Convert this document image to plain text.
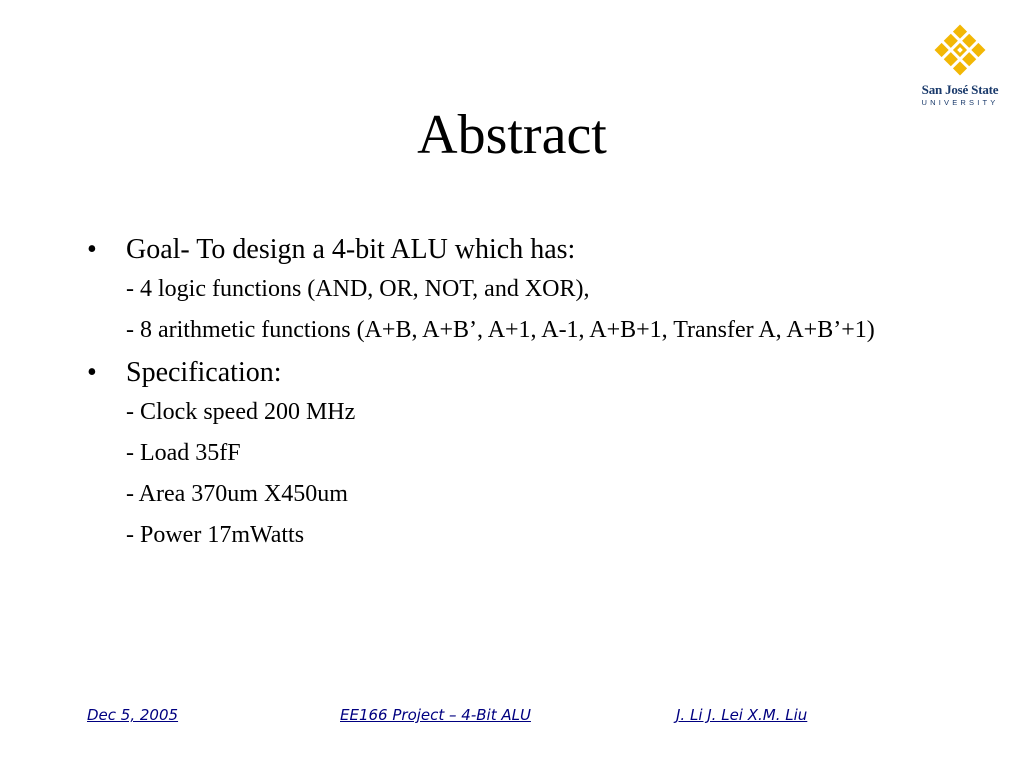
San José State
UNIVERSITY
Abstract
• Goal- To design a 4-bit ALU which has:
- 4 logic functions (AND, OR, NOT, and XOR),
- 8 arithmetic functions (A+B, A+B’, A+1, A-1, A+B+1, Transfer A, A+B’+1)
• Specification:
- Clock speed 200 MHz
- Load 35fF
- Area 370um X450um
- Power 17mWatts
Dec 5, 2005	EE166 Project – 4-Bit ALU	J. Li J. Lei X.M. Liu
